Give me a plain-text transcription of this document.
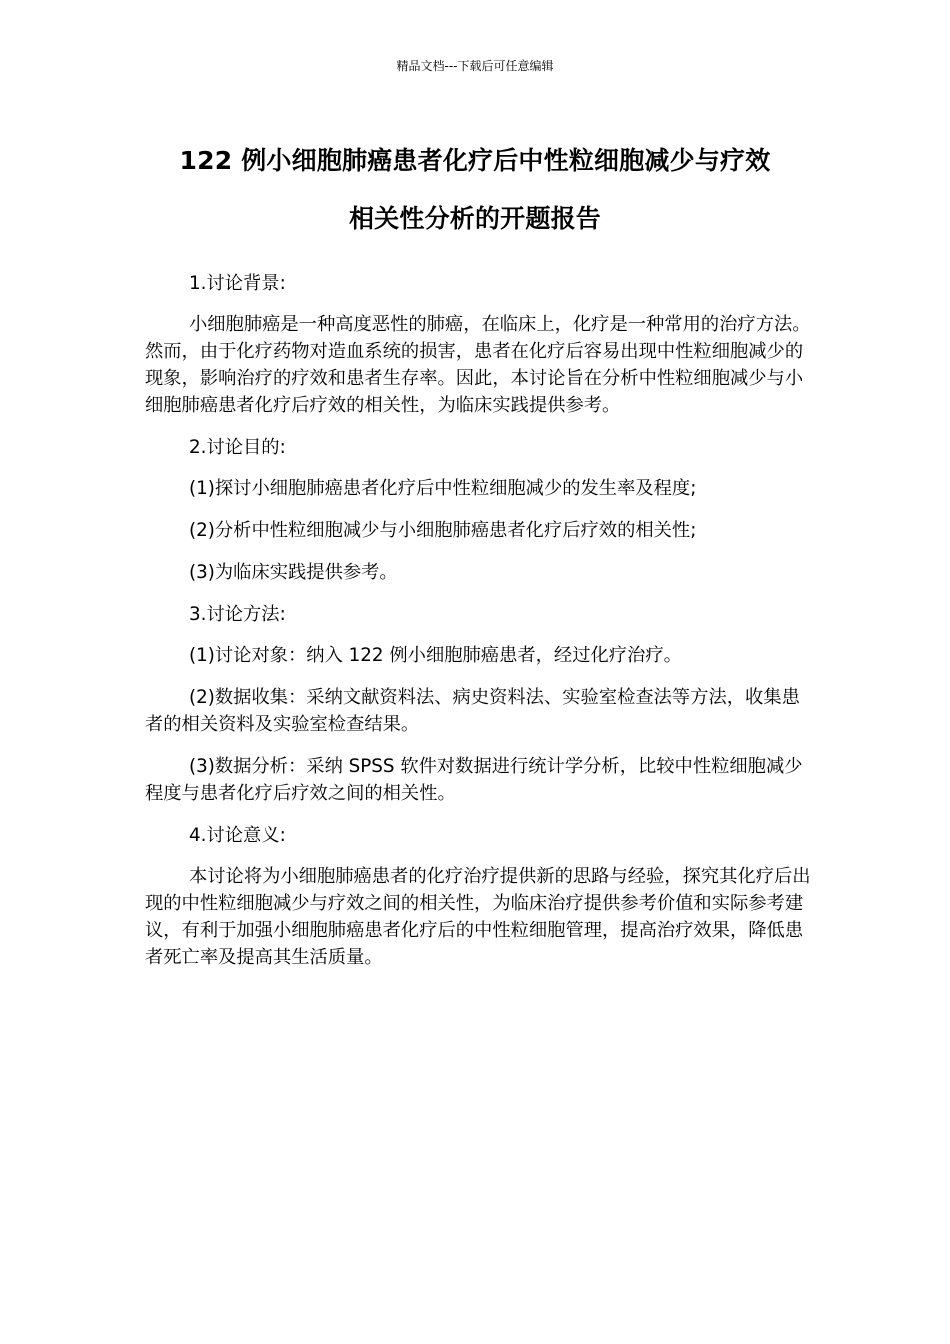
精品文档---下载后可任意编辑
122 例小细胞肺癌患者化疗后中性粒细胞减少与疗效
相关性分析的开题报告

1.讨论背景:

小细胞肺癌是一种高度恶性的肺癌，在临床上，化疗是一种常用的治疗方法。然而，由于化疗药物对造血系统的损害，患者在化疗后容易出现中性粒细胞减少的现象，影响治疗的疗效和患者生存率。因此，本讨论旨在分析中性粒细胞减少与小细胞肺癌患者化疗后疗效的相关性，为临床实践提供参考。

2.讨论目的:

(1)探讨小细胞肺癌患者化疗后中性粒细胞减少的发生率及程度;

(2)分析中性粒细胞减少与小细胞肺癌患者化疗后疗效的相关性;

(3)为临床实践提供参考。

3.讨论方法:

(1)讨论对象：纳入 122 例小细胞肺癌患者，经过化疗治疗。

(2)数据收集：采纳文献资料法、病史资料法、实验室检查法等方法，收集患者的相关资料及实验室检查结果。

(3)数据分析：采纳 SPSS 软件对数据进行统计学分析，比较中性粒细胞减少程度与患者化疗后疗效之间的相关性。

4.讨论意义:

本讨论将为小细胞肺癌患者的化疗治疗提供新的思路与经验，探究其化疗后出现的中性粒细胞减少与疗效之间的相关性，为临床治疗提供参考价值和实际参考建议，有利于加强小细胞肺癌患者化疗后的中性粒细胞管理，提高治疗效果，降低患者死亡率及提高其生活质量。
